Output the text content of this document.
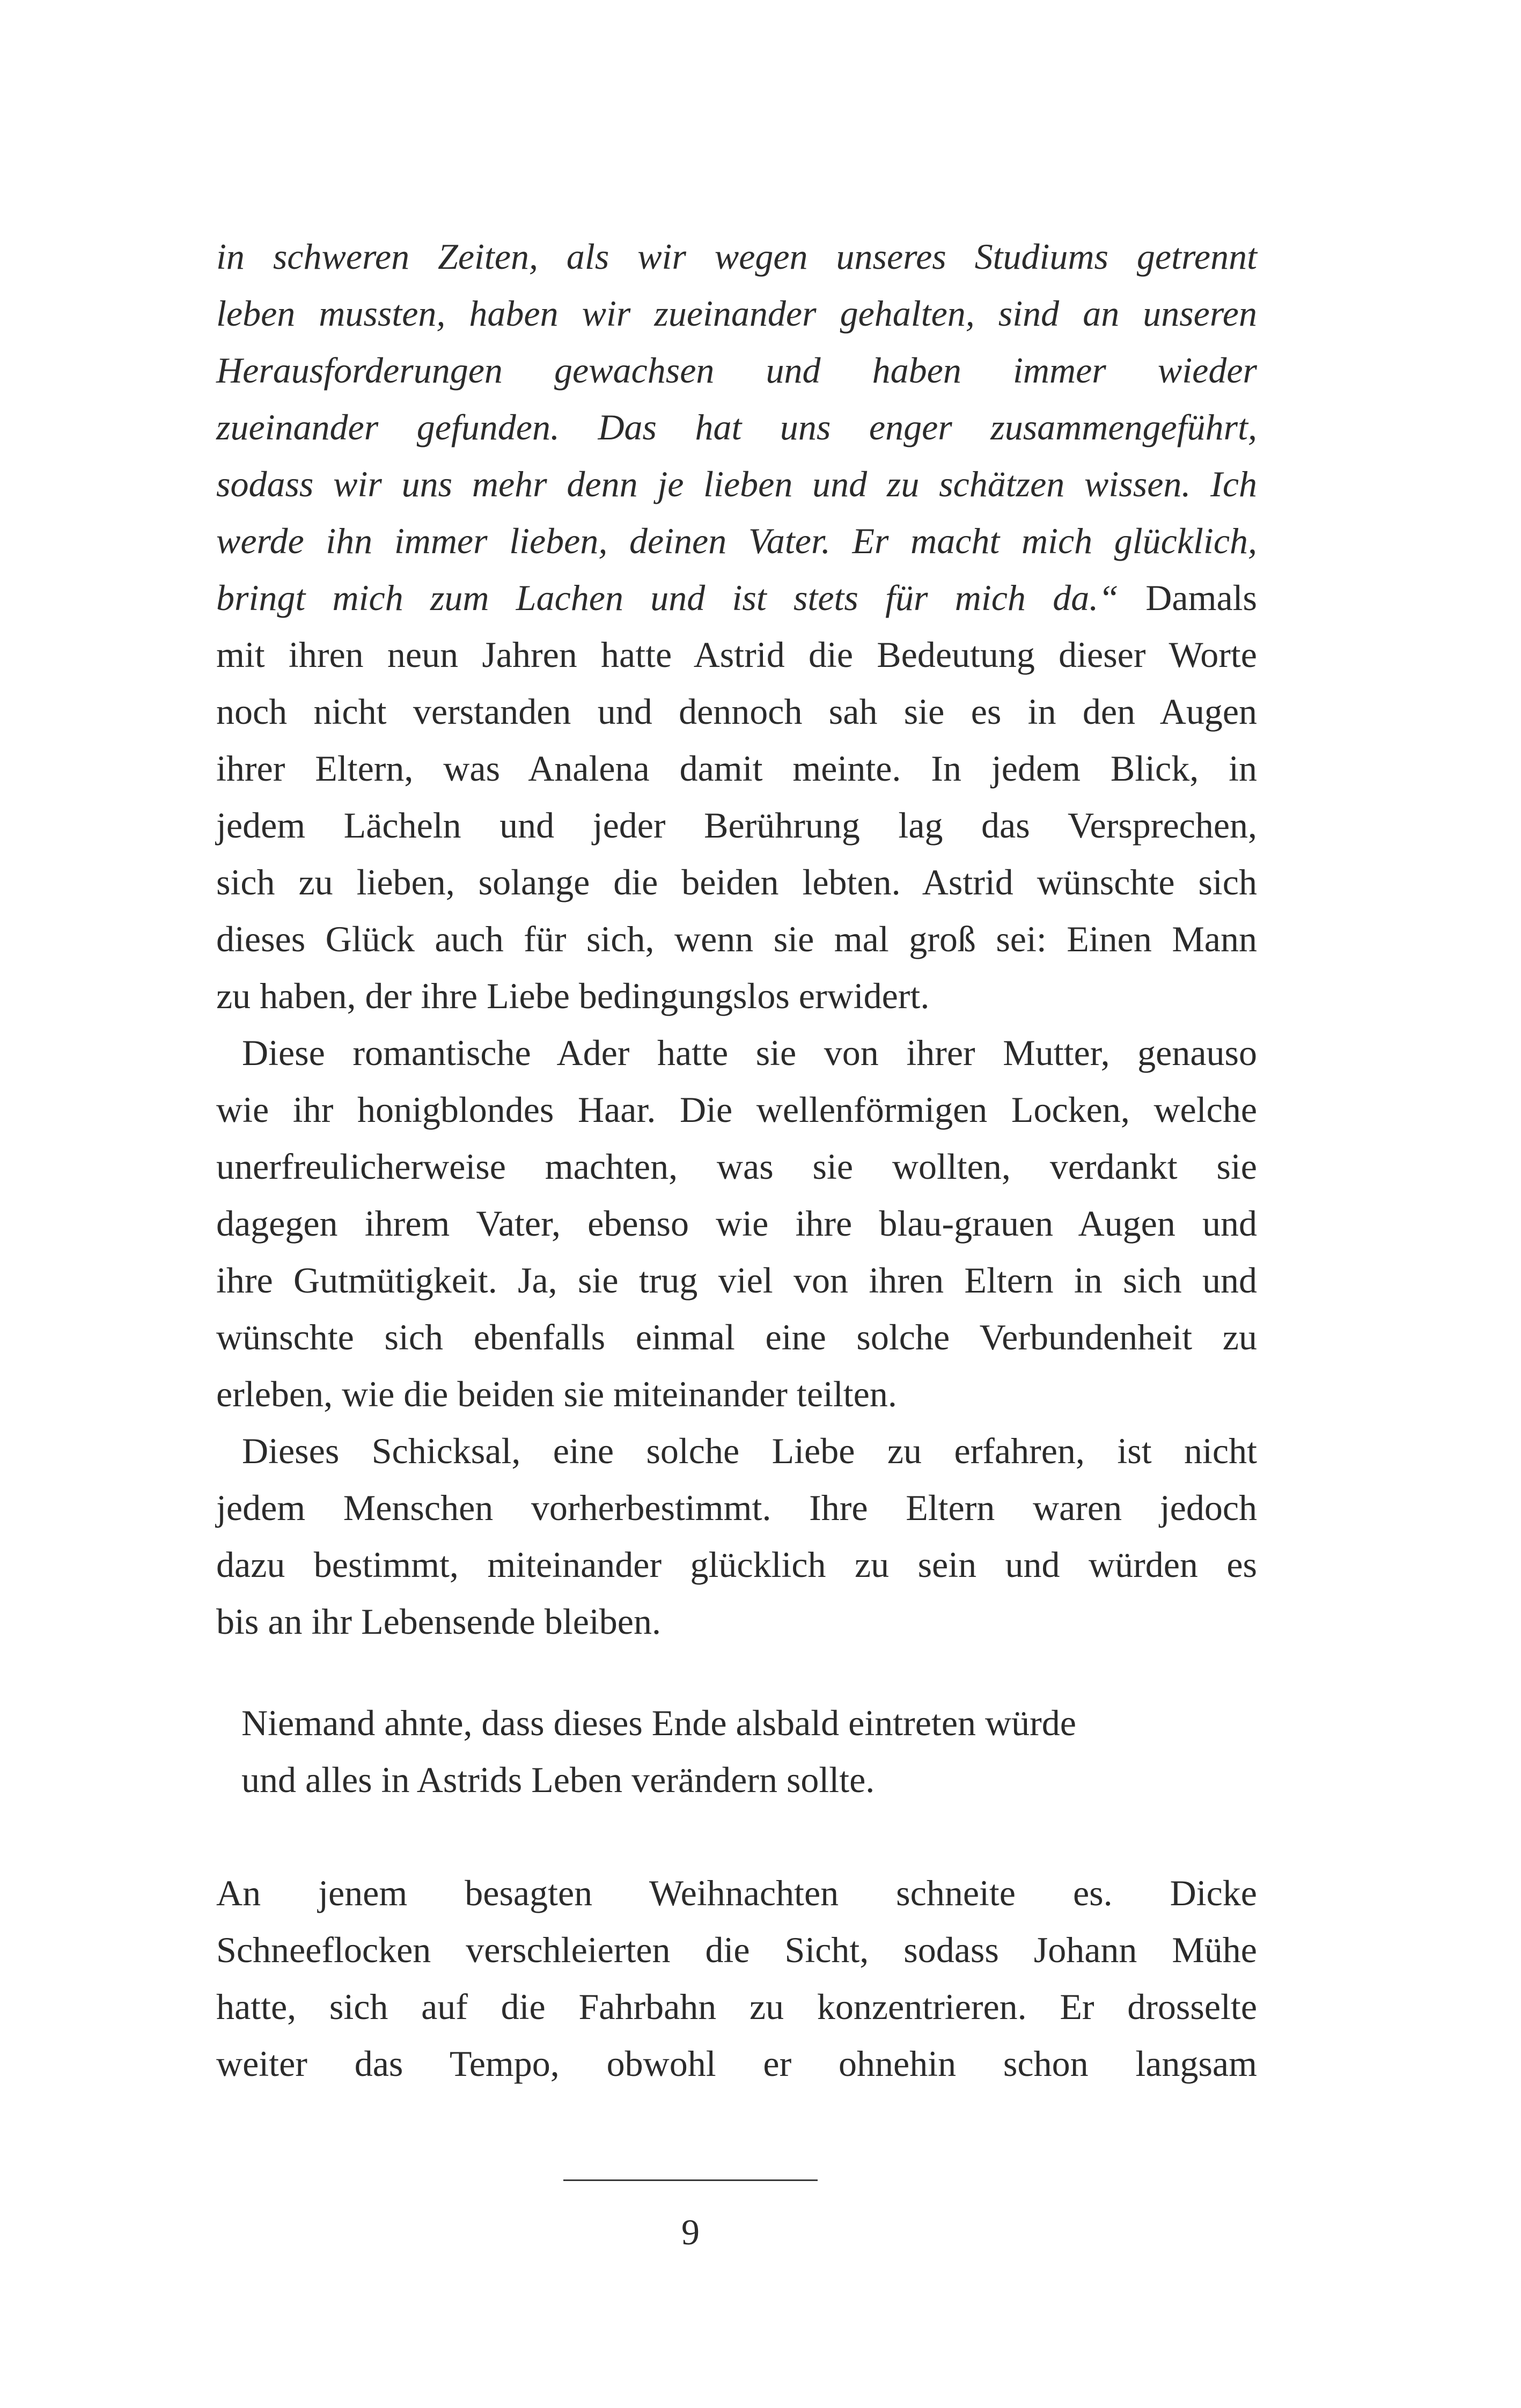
in schweren Zeiten, als wir wegen unseres Studiums getrennt
leben mussten, haben wir zueinander gehalten, sind an unseren
Herausforderungen gewachsen und haben immer wieder
zueinander gefunden. Das hat uns enger zusammengeführt,
sodass wir uns mehr denn je lieben und zu schätzen wissen. Ich
werde ihn immer lieben, deinen Vater. Er macht mich glücklich,
bringt mich zum Lachen und ist stets für mich da.“ Damals
mit ihren neun Jahren hatte Astrid die Bedeutung dieser Worte
noch nicht verstanden und dennoch sah sie es in den Augen
ihrer Eltern, was Analena damit meinte. In jedem Blick, in
jedem Lächeln und jeder Berührung lag das Versprechen,
sich zu lieben, solange die beiden lebten. Astrid wünschte sich
dieses Glück auch für sich, wenn sie mal groß sei: Einen Mann
zu haben, der ihre Liebe bedingungslos erwidert.
Diese romantische Ader hatte sie von ihrer Mutter, genauso
wie ihr honigblondes Haar. Die wellenförmigen Locken, welche
unerfreulicherweise machten, was sie wollten, verdankt sie
dagegen ihrem Vater, ebenso wie ihre blau-grauen Augen und
ihre Gutmütigkeit. Ja, sie trug viel von ihren Eltern in sich und
wünschte sich ebenfalls einmal eine solche Verbundenheit zu
erleben, wie die beiden sie miteinander teilten.
Dieses Schicksal, eine solche Liebe zu erfahren, ist nicht
jedem Menschen vorherbestimmt. Ihre Eltern waren jedoch
dazu bestimmt, miteinander glücklich zu sein und würden es
bis an ihr Lebensende bleiben.
Niemand ahnte, dass dieses Ende alsbald eintreten würde
und alles in Astrids Leben verändern sollte.
An jenem besagten Weihnachten schneite es. Dicke
Schneeflocken verschleierten die Sicht, sodass Johann Mühe
hatte, sich auf die Fahrbahn zu konzentrieren. Er drosselte
weiter das Tempo, obwohl er ohnehin schon langsam
9
